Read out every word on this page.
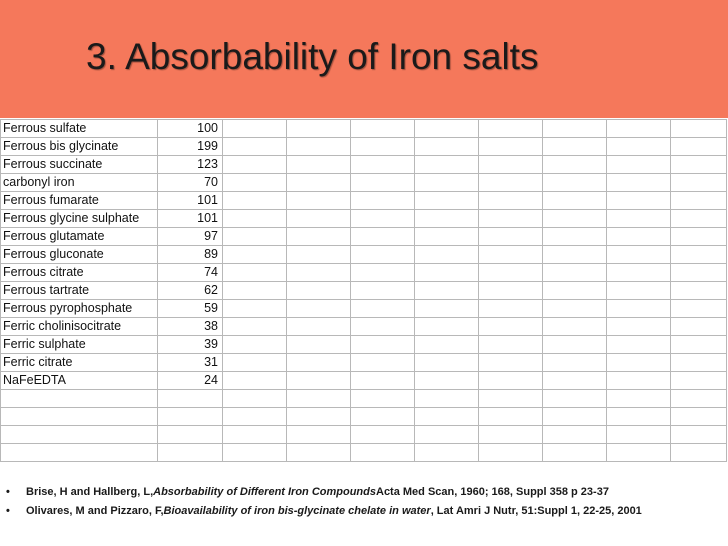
3. Absorbability of Iron salts
Ferrous sulfate	100								
Ferrous bis glycinate	199								
Ferrous succinate	123								
carbonyl iron	70								
Ferrous fumarate	101								
Ferrous glycine sulphate	101								
Ferrous glutamate	97								
Ferrous gluconate	89								
Ferrous citrate	74								
Ferrous tartrate	62								
Ferrous pyrophosphate	59								
Ferric cholinisocitrate	38								
Ferric sulphate	39								
Ferric citrate	31								
NaFeEDTA	24								

•	Brise, H and Hallberg, L, Absorbability of Different Iron Compounds Acta Med Scan, 1960; 168, Suppl 358 p 23-37
•	Olivares, M and Pizzaro, F, Bioavailability of iron bis-glycinate chelate in water , Lat Amri J Nutr, 51:Suppl 1, 22-25, 2001
